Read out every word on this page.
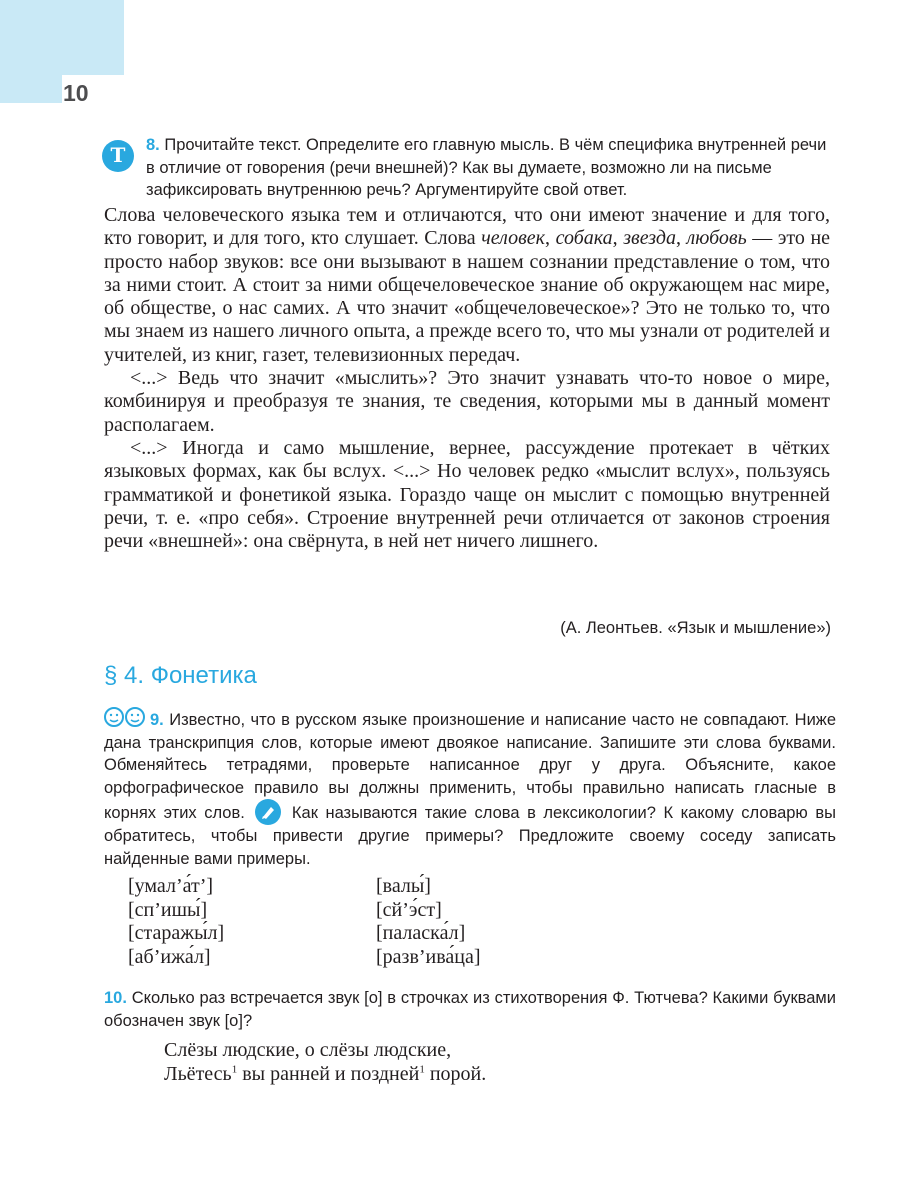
10
Т	8. Прочитайте текст. Определите его главную мысль. В чём специфика внутренней речи в отличие от говорения (речи внешней)? Как вы думаете, возможно ли на письме зафиксировать внутреннюю речь? Аргументируйте свой ответ.

Слова человеческого языка тем и отличаются, что они имеют значение и для того, кто говорит, и для того, кто слушает. Слова человек, собака, звезда, любовь — это не просто набор звуков: все они вызывают в нашем сознании представление о том, что за ними стоит. А стоит за ними общечеловеческое знание об окружающем нас мире, об обществе, о нас самих. А что значит «общечеловеческое»? Это не только то, что мы знаем из нашего личного опыта, а прежде всего то, что мы узнали от родителей и учителей, из книг, газет, телевизионных передач.

<...> Ведь что значит «мыслить»? Это значит узнавать что-то новое о мире, комбинируя и преобразуя те знания, те сведения, которыми мы в данный момент располагаем.

<...> Иногда и само мышление, вернее, рассуждение протекает в чётких языковых формах, как бы вслух. <...> Но человек редко «мыслит вслух», пользуясь грамматикой и фонетикой языка. Гораздо чаще он мыслит с помощью внутренней речи, т. е. «про себя». Строение внутренней речи отличается от законов строения речи «внешней»: она свёрнута, в ней нет ничего лишнего.

(А. Леонтьев. «Язык и мышление»)
§ 4. Фонетика
9. Известно, что в русском языке произношение и написание часто не совпадают. Ниже дана транскрипция слов, которые имеют двоякое написание. Запишите эти слова буквами. Обменяйтесь тетрадями, проверьте написанное друг у друга. Объясните, какое орфографическое правило вы должны применить, чтобы правильно написать гласные в корнях этих слов.	Как называются такие слова в лексикологии? К какому словарю вы обратитесь, чтобы привести другие примеры? Предложите своему соседу записать найденные вами примеры.
[умал’а́т’]
[сп’ишы́]
[старажы́л]
[аб’ижа́л]
[валы́]
[сй’э́ст]
[паласка́л]
[разв’ива́ца]
10. Сколько раз встречается звук [о] в строчках из стихотворения Ф. Тютчева? Какими буквами обозначен звук [о]?
Слёзы людские, о слёзы людские,
Льётесь$^1$ вы ранней и поздней$^1$ порой.
